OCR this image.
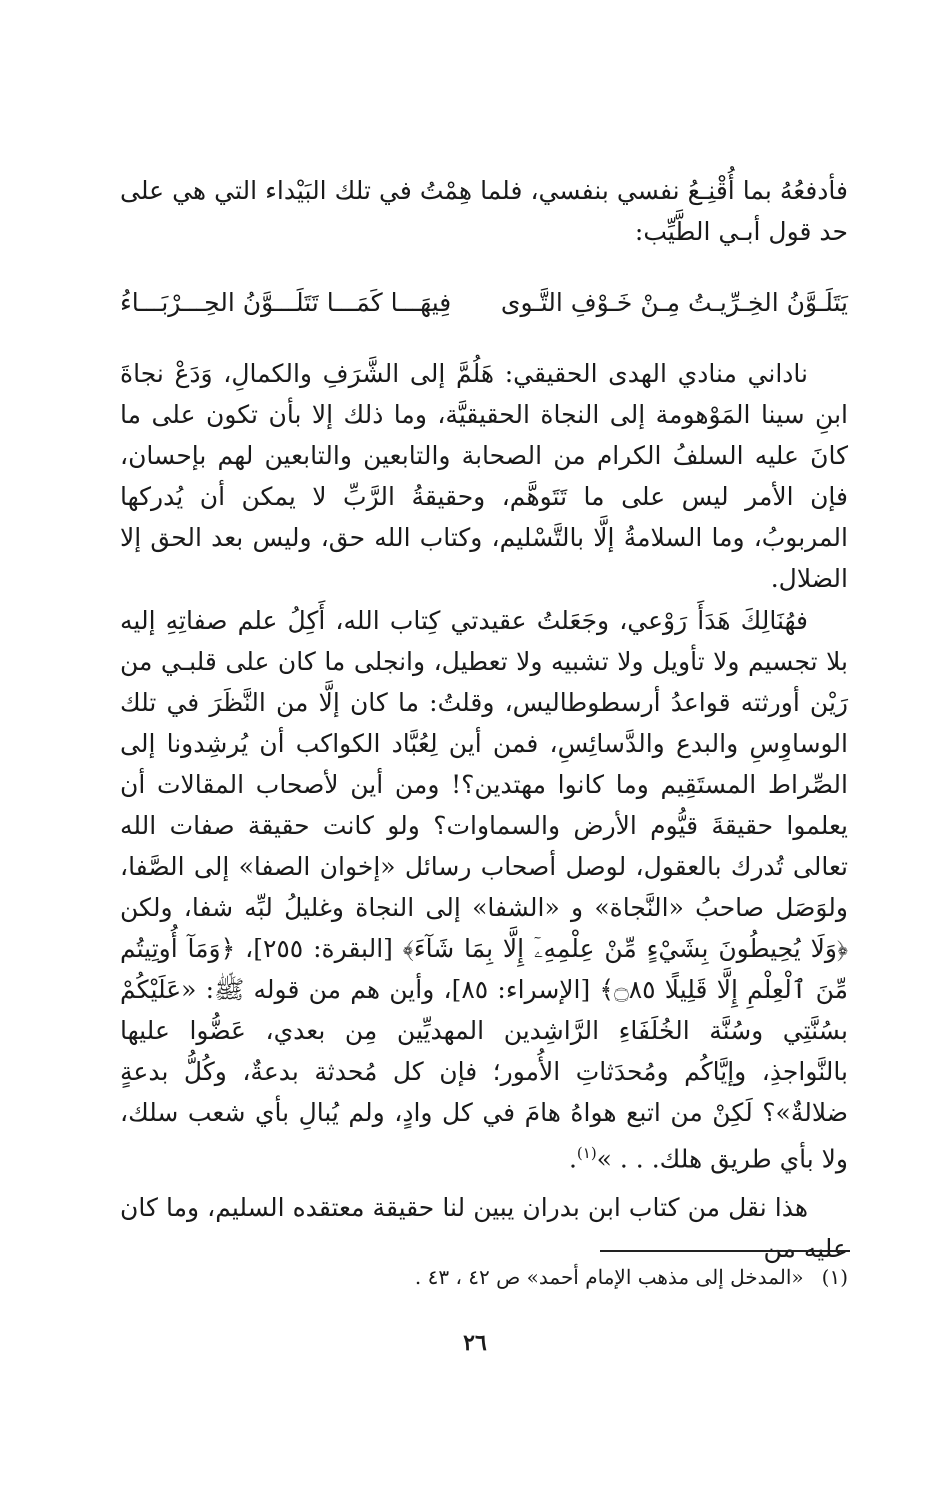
فأدفعُهُ بما أُقْنِـعُ نفسي بنفسي، فلما هِمْتُ في تلك البَيْداء التي هي على حد قول أبـي الطَّيِّب:

يَتَلَـوَّنُ الخِـرِّيـتُ مِـنْ خَـوْفِ التَّـوى
فِيهَـــا كَمَـــا تَتَلَـــوَّنُ الحِـــرْبَـــاءُ

ناداني منادي الهدى الحقيقي: هَلُمَّ إلى الشَّرَفِ والكمالِ، وَدَعْ نجاةَ ابنِ سينا المَوْهومة إلى النجاة الحقيقيَّة، وما ذلك إلا بأن تكون على ما كانَ عليه السلفُ الكرام من الصحابة والتابعين والتابعين لهم بإحسان، فإن الأمر ليس على ما تَتَوهَّم، وحقيقةُ الرَّبِّ لا يمكن أن يُدركها المربوبُ، وما السلامةُ إلَّا بالتَّسْليم، وكتاب الله حق، وليس بعد الحق إلا الضلال.

فهُنَالِكَ هَدَأَ رَوْعي، وجَعَلتُ عقيدتي كِتاب الله، أَكِلُ علم صفاتِهِ إليه بلا تجسيم ولا تأويل ولا تشبيه ولا تعطيل، وانجلى ما كان على قلبـي من رَيْن أورثته قواعدُ أرسطوطاليس، وقلتُ: ما كان إلَّا من النَّظَرَ في تلك الوساوِسِ والبدع والدَّسائِسِ، فمن أين لِعُبَّاد الكواكب أن يُرشِدونا إلى الصِّراط المستَقِيم وما كانوا مهتدين؟! ومن أين لأصحاب المقالات أن يعلموا حقيقةَ قيُّوم الأرض والسماوات؟ ولو كانت حقيقة صفات الله تعالى تُدرك بالعقول، لوصل أصحاب رسائل «إخوان الصفا» إلى الصَّفا، ولوَصَل صاحبُ «النَّجاة» و «الشفا» إلى النجاة وغليلُ لبِّه شفا، ولكن ﴿وَلَا يُحِيطُونَ بِشَيْءٍ مِّنْ عِلْمِهِۦٓ إِلَّا بِمَا شَآءَ﴾ [البقرة: ٢٥٥]، ﴿وَمَآ أُوتِيتُم مِّنَ ٱلْعِلْمِ إِلَّا قَلِيلًا ۝٨٥﴾ [الإسراء: ٨٥]، وأين هم من قوله ﷺ: «عَلَيْكُمْ بسُنَّتِي وسُنَّة الخُلَفَاءِ الرَّاشِدين المهديِّين مِن بعدي، عَضُّوا عليها بالنَّواجذِ، وإيَّاكُم ومُحدَثاتِ الأُمور؛ فإن كل مُحدثة بدعةٌ، وكُلُّ بدعةٍ ضلالةٌ»؟ لَكِنْ من اتبع هواهُ هامَ في كل وادٍ، ولم يُبالِ بأي شعب سلك، ولا بأي طريق هلك. . . »$^{(١)}$.

هذا نقل من كتاب ابن بدران يبين لنا حقيقة معتقده السليم، وما كان عليه من

(١)«المدخل إلى مذهب الإمام أحمد» ص ٤٢ ، ٤٣ .
٢٦
